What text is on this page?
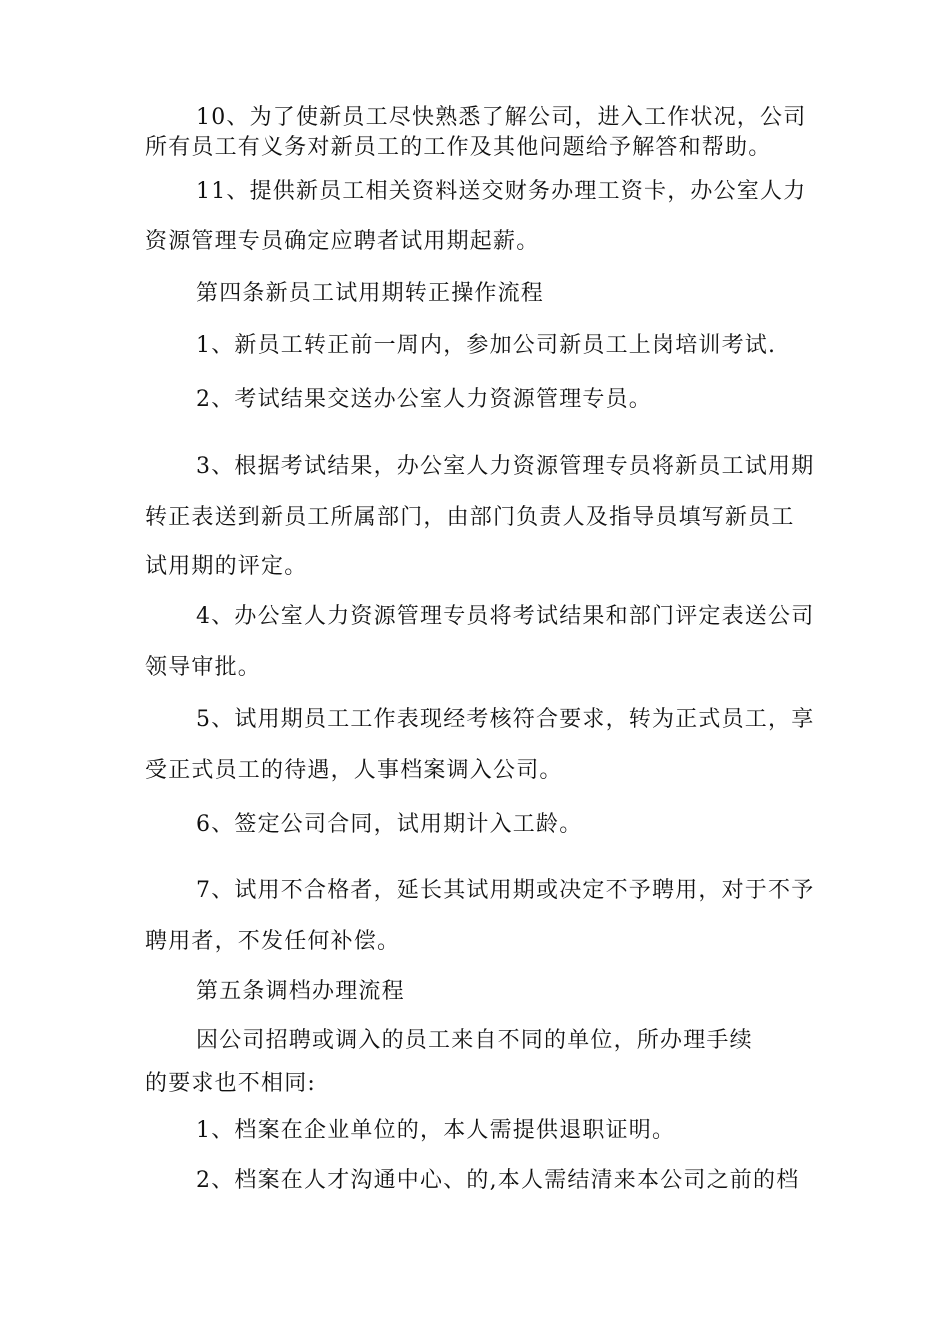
10、为了使新员工尽快熟悉了解公司，进入工作状况，公司
所有员工有义务对新员工的工作及其他问题给予解答和帮助。
11、提供新员工相关资料送交财务办理工资卡，办公室人力
资源管理专员确定应聘者试用期起薪。
第四条新员工试用期转正操作流程
1、新员工转正前一周内，参加公司新员工上岗培训考试.
2、考试结果交送办公室人力资源管理专员。
3、根据考试结果，办公室人力资源管理专员将新员工试用期
转正表送到新员工所属部门，由部门负责人及指导员填写新员工
试用期的评定。
4、办公室人力资源管理专员将考试结果和部门评定表送公司
领导审批。
5、试用期员工工作表现经考核符合要求，转为正式员工，享
受正式员工的待遇，人事档案调入公司。
6、签定公司合同，试用期计入工龄。
7、试用不合格者，延长其试用期或决定不予聘用，对于不予
聘用者，不发任何补偿。
第五条调档办理流程
因公司招聘或调入的员工来自不同的单位，所办理手续
的要求也不相同:
1、档案在企业单位的，本人需提供退职证明。
2、档案在人才沟通中心、的,本人需结清来本公司之前的档
